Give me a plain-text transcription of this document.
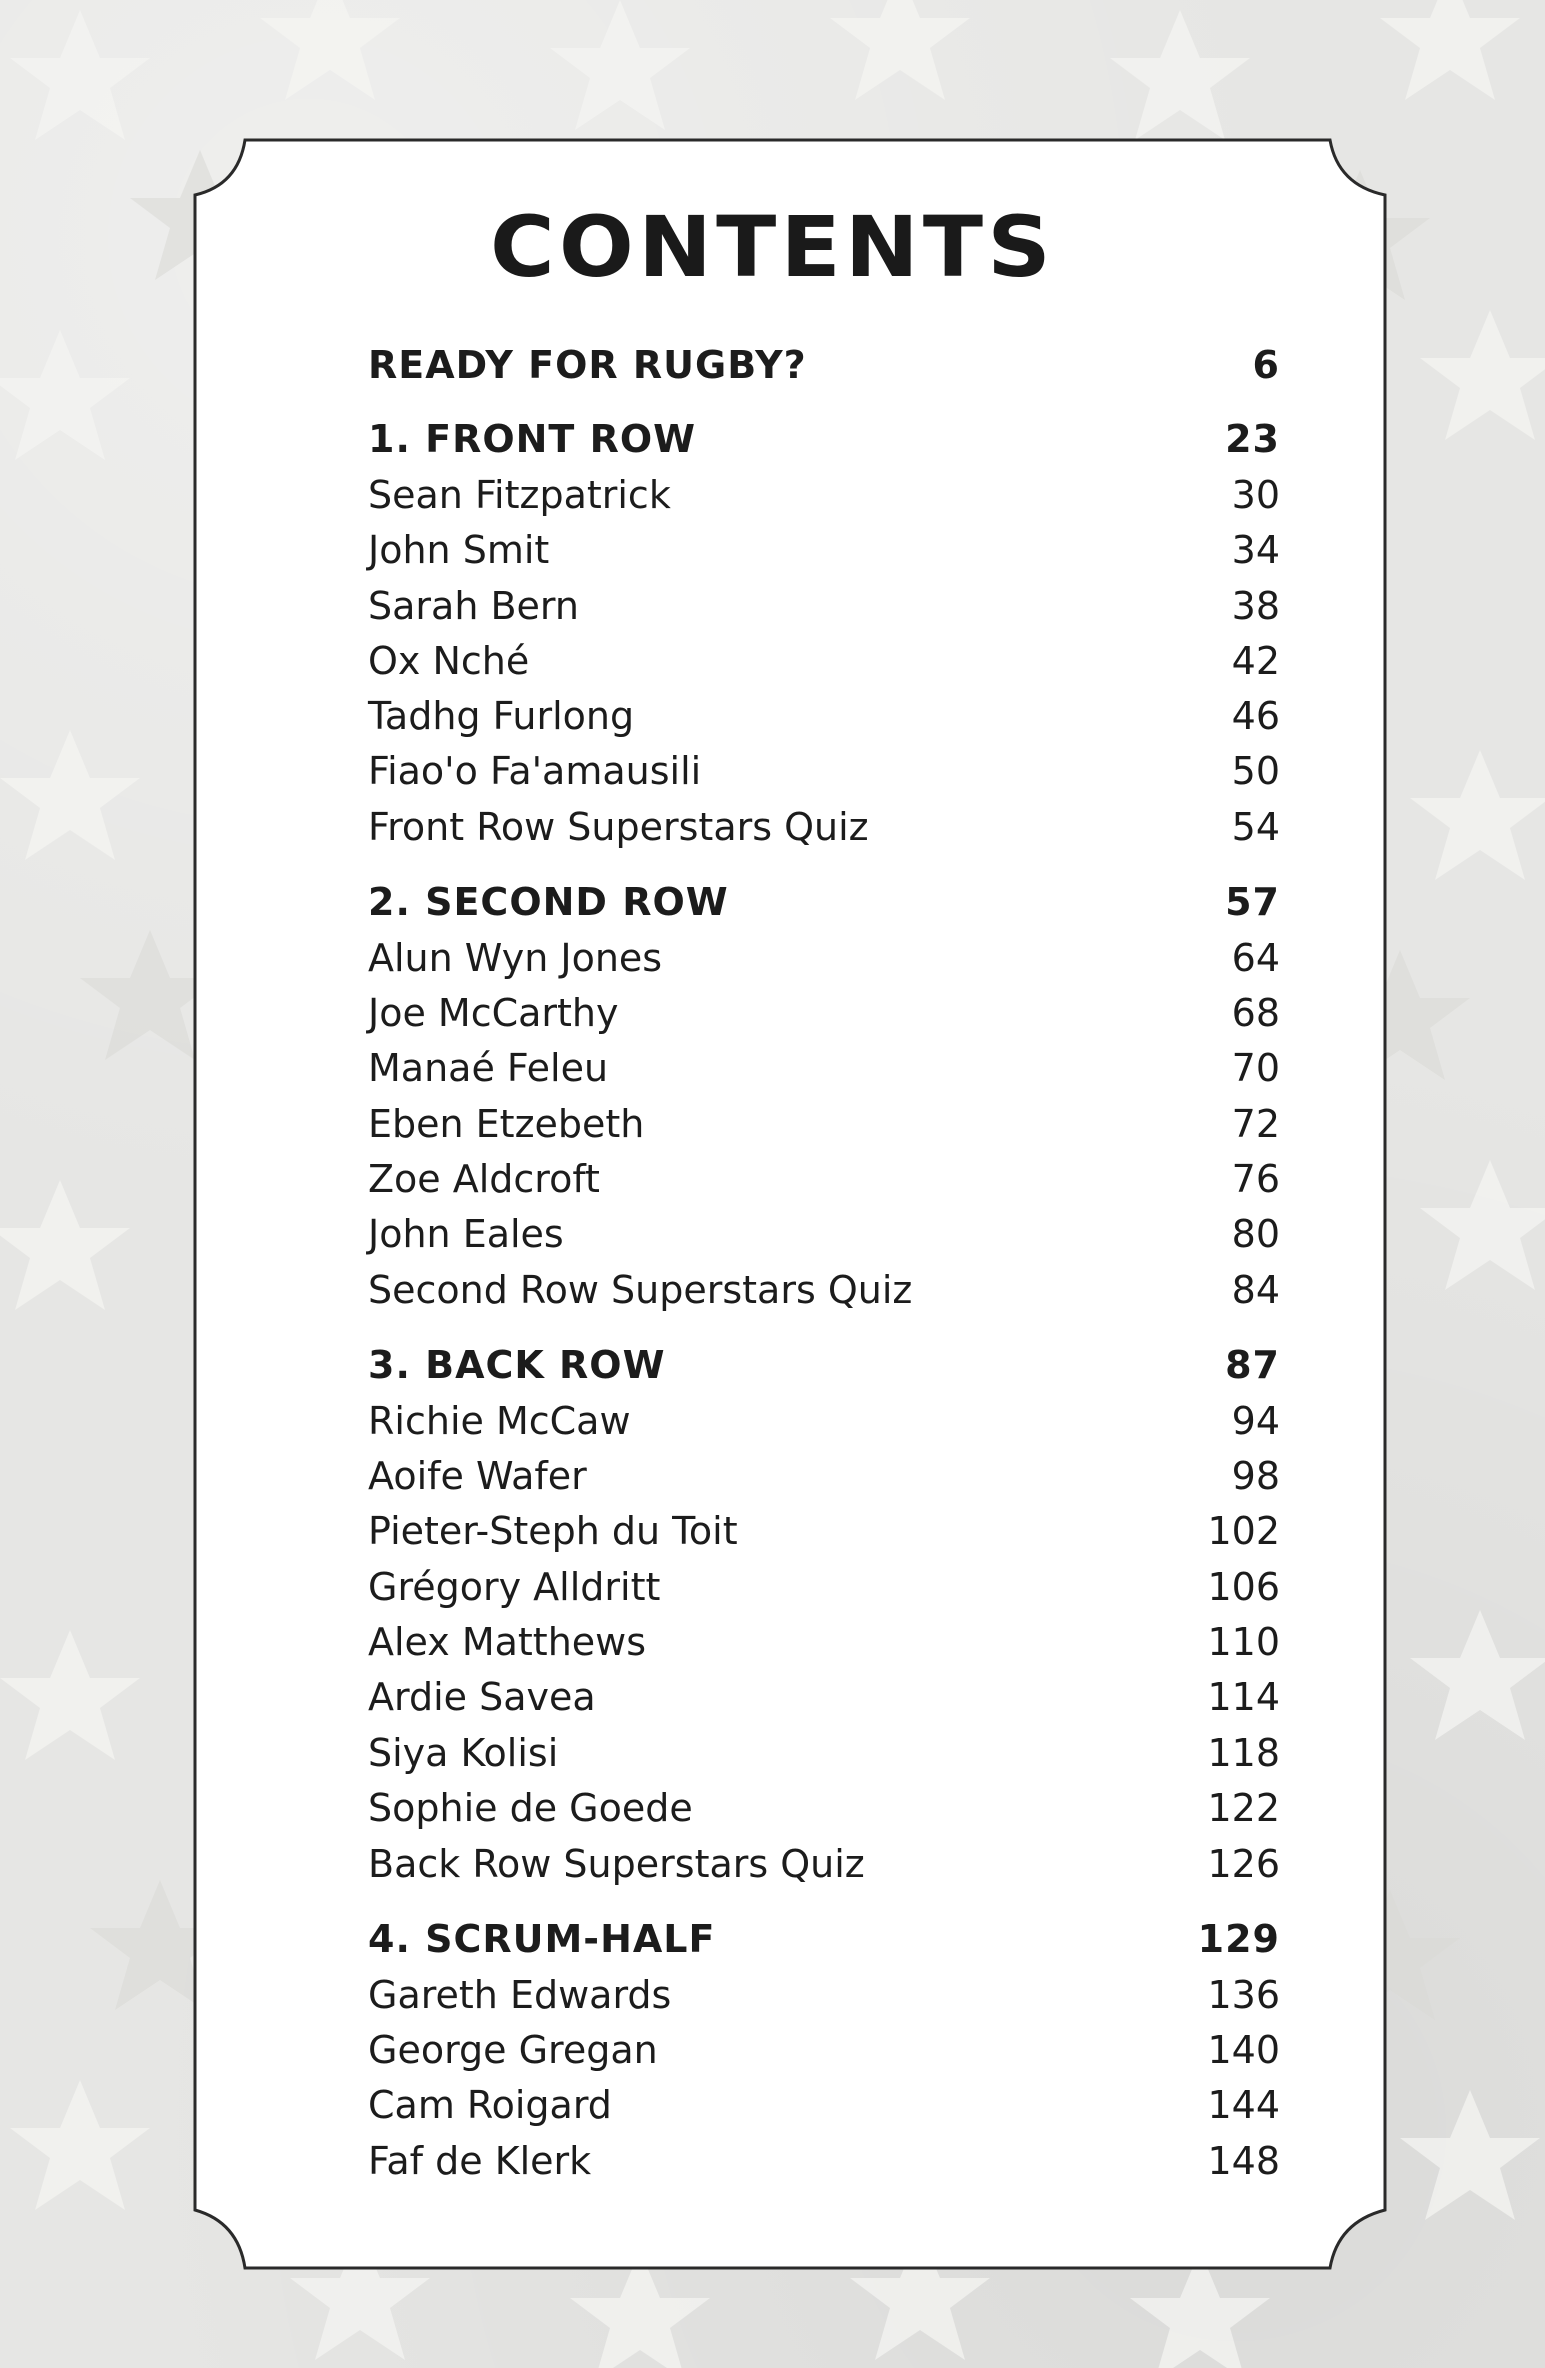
CONTENTS
READY FOR RUGBY?	6
1. FRONT ROW	23
Sean Fitzpatrick	30
John Smit	34
Sarah Bern	38
Ox Nché	42
Tadhg Furlong	46
Fiao'o Fa'amausili	50
Front Row Superstars Quiz	54
2. SECOND ROW	57
Alun Wyn Jones	64
Joe McCarthy	68
Manaé Feleu	70
Eben Etzebeth	72
Zoe Aldcroft	76
John Eales	80
Second Row Superstars Quiz	84
3. BACK ROW	87
Richie McCaw	94
Aoife Wafer	98
Pieter-Steph du Toit	102
Grégory Alldritt	106
Alex Matthews	110
Ardie Savea	114
Siya Kolisi	118
Sophie de Goede	122
Back Row Superstars Quiz	126
4. SCRUM-HALF	129
Gareth Edwards	136
George Gregan	140
Cam Roigard	144
Faf de Klerk	148
